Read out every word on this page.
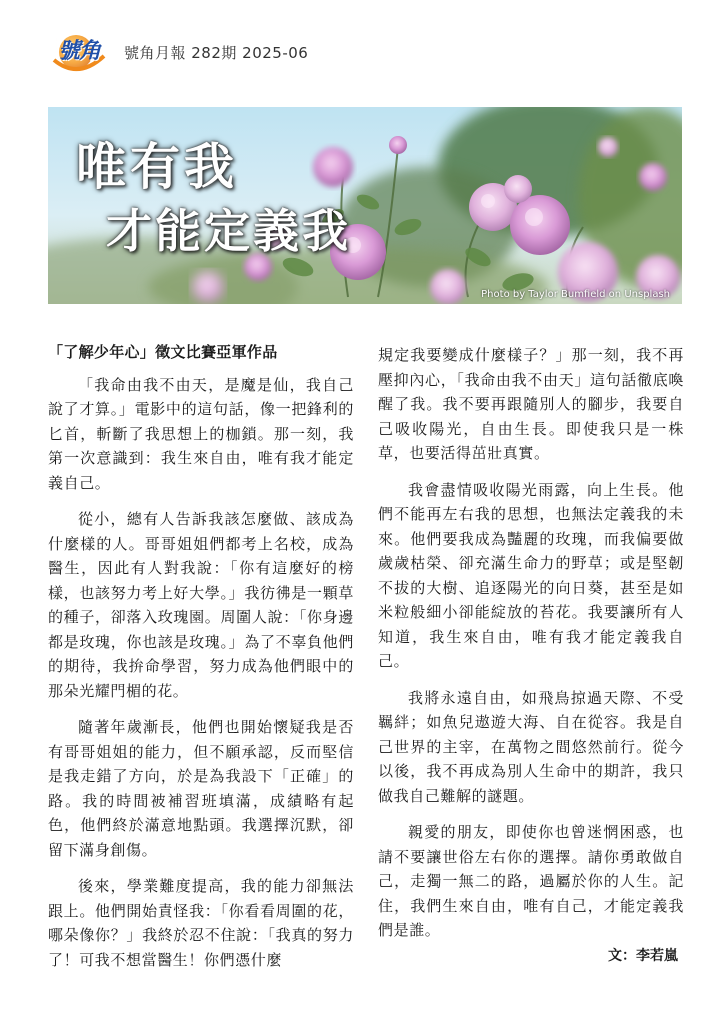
號角 號角月報 282期 2025-06
唯有我
才能定義我
Photo by Taylor Bumfield on Unsplash
「了解少年心」徵文比賽亞軍作品

「我命由我不由天，是魔是仙，我自己說了才算。」電影中的這句話，像一把鋒利的匕首，斬斷了我思想上的枷鎖。那一刻，我第一次意識到：我生來自由，唯有我才能定義自己。

從小，總有人告訴我該怎麼做、該成為什麼樣的人。哥哥姐姐們都考上名校，成為醫生，因此有人對我說：「你有這麼好的榜樣，也該努力考上好大學。」我彷彿是一顆草的種子，卻落入玫瑰園。周圍人說：「你身邊都是玫瑰，你也該是玫瑰。」為了不辜負他們的期待，我拚命學習，努力成為他們眼中的那朵光耀門楣的花。

隨著年歲漸長，他們也開始懷疑我是否有哥哥姐姐的能力，但不願承認，反而堅信是我走錯了方向，於是為我設下「正確」的路。我的時間被補習班填滿，成績略有起色，他們終於滿意地點頭。我選擇沉默，卻留下滿身創傷。

後來，學業難度提高，我的能力卻無法跟上。他們開始責怪我：「你看看周圍的花，哪朵像你？」我終於忍不住說：「我真的努力了！可我不想當醫生！你們憑什麼

規定我要變成什麼樣子？」那一刻，我不再壓抑內心，「我命由我不由天」這句話徹底喚醒了我。我不要再跟隨別人的腳步，我要自己吸收陽光，自由生長。即使我只是一株草，也要活得茁壯真實。

我會盡情吸收陽光雨露，向上生長。他們不能再左右我的思想，也無法定義我的未來。他們要我成為豔麗的玫瑰，而我偏要做歲歲枯榮、卻充滿生命力的野草；或是堅韌不拔的大樹、追逐陽光的向日葵，甚至是如米粒般細小卻能綻放的苔花。我要讓所有人知道，我生來自由，唯有我才能定義我自己。

我將永遠自由，如飛鳥掠過天際、不受羈絆；如魚兒遨遊大海、自在從容。我是自己世界的主宰，在萬物之間悠然前行。從今以後，我不再成為別人生命中的期許，我只做我自己難解的謎題。

親愛的朋友，即使你也曾迷惘困惑，也請不要讓世俗左右你的選擇。請你勇敢做自己，走獨一無二的路，過屬於你的人生。記住，我們生來自由，唯有自己，才能定義我們是誰。

文：李若嵐
